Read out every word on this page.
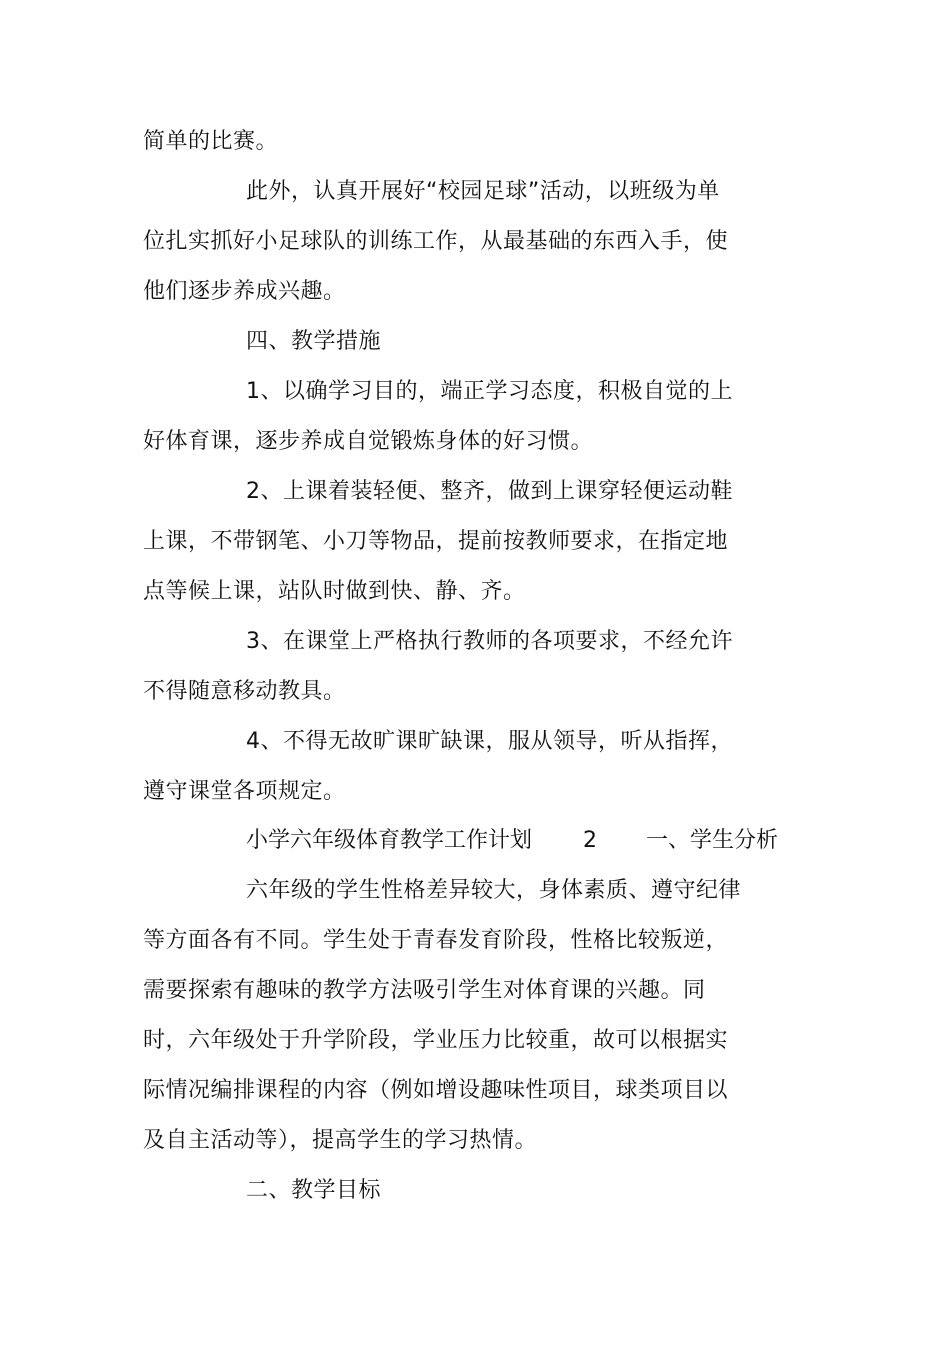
简单的比赛。
此外，认真开展好“校园足球”活动，以班级为单
位扎实抓好小足球队的训练工作，从最基础的东西入手，使
他们逐步养成兴趣。
四、教学措施
1、以确学习目的，端正学习态度，积极自觉的上
好体育课，逐步养成自觉锻炼身体的好习惯。
2、上课着装轻便、整齐，做到上课穿轻便运动鞋
上课，不带钢笔、小刀等物品，提前按教师要求，在指定地
点等候上课，站队时做到快、静、齐。
3、在课堂上严格执行教师的各项要求，不经允许
不得随意移动教具。
4、不得无故旷课旷缺课，服从领导，听从指挥，
遵守课堂各项规定。
小学六年级体育教学工作计划 2 一、学生分析
六年级的学生性格差异较大，身体素质、遵守纪律
等方面各有不同。学生处于青春发育阶段，性格比较叛逆，
需要探索有趣味的教学方法吸引学生对体育课的兴趣。同
时，六年级处于升学阶段，学业压力比较重，故可以根据实
际情况编排课程的内容（例如增设趣味性项目，球类项目以
及自主活动等），提高学生的学习热情。
二、教学目标
